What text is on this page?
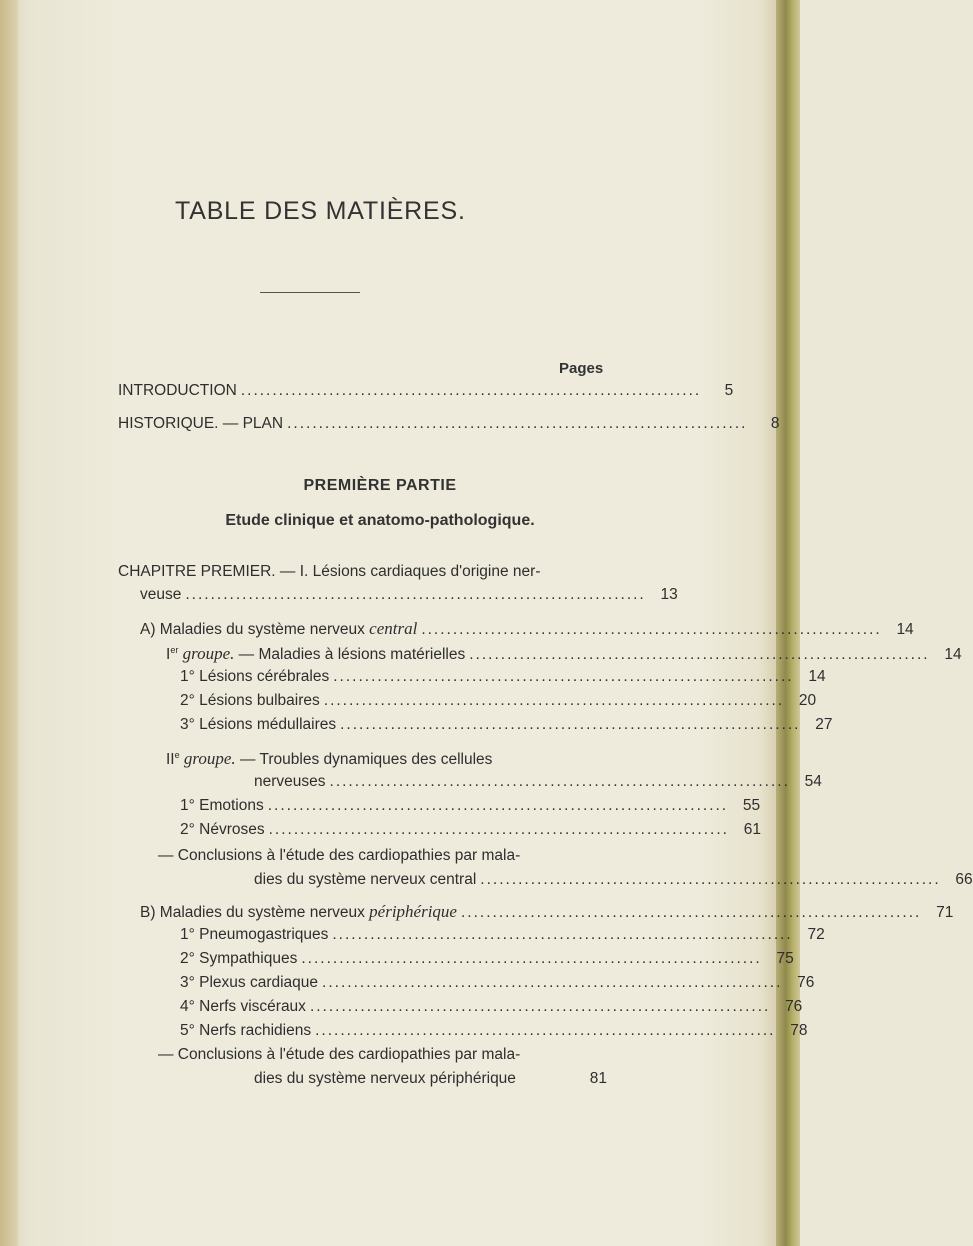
TABLE DES MATIÈRES.
Pages
INTRODUCTION .........................................................................	5
HISTORIQUE. — PLAN .........................................................................	8
PREMIÈRE PARTIE
Etude clinique et anatomo-pathologique.
CHAPITRE PREMIER. — I. Lésions cardiaques d'origine ner-
veuse ......................................................................... 13
A) Maladies du système nerveux central ......................................................................... 14
Ier groupe. — Maladies à lésions matérielles ......................................................................... 14
1° Lésions cérébrales ......................................................................... 14
2° Lésions bulbaires ......................................................................... 20
3° Lésions médullaires ......................................................................... 27
IIe groupe. — Troubles dynamiques des cellules
nerveuses ......................................................................... 54
1° Emotions ......................................................................... 55
2° Névroses ......................................................................... 61
— Conclusions à l'étude des cardiopathies par mala-
dies du système nerveux central ......................................................................... 66
B) Maladies du système nerveux périphérique ......................................................................... 71
1° Pneumogastriques ......................................................................... 72
2° Sympathiques ......................................................................... 75
3° Plexus cardiaque ......................................................................... 76
4° Nerfs viscéraux ......................................................................... 76
5° Nerfs rachidiens ......................................................................... 78
— Conclusions à l'étude des cardiopathies par mala-
dies du système nerveux périphérique	81
